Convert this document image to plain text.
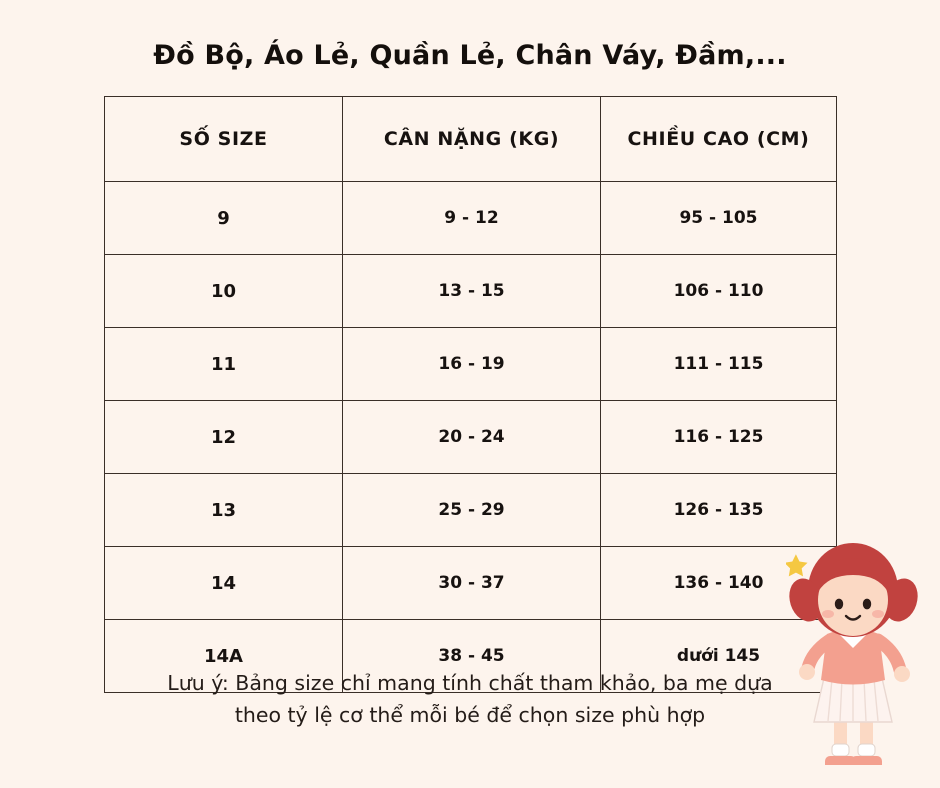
Đồ Bộ, Áo Lẻ, Quần Lẻ, Chân Váy, Đầm,...
SỐ SIZE	CÂN NẶNG (KG)	CHIỀU CAO (CM)
9	9 - 12	95 - 105
10	13 - 15	106 - 110
11	16 - 19	111 - 115
12	20 - 24	116 - 125
13	25 - 29	126 - 135
14	30 - 37	136 - 140
14A	38 - 45	dưới 145
Lưu ý: Bảng size chỉ mang tính chất tham khảo, ba mẹ dựa
theo tỷ lệ cơ thể mỗi bé để chọn size phù hợp
